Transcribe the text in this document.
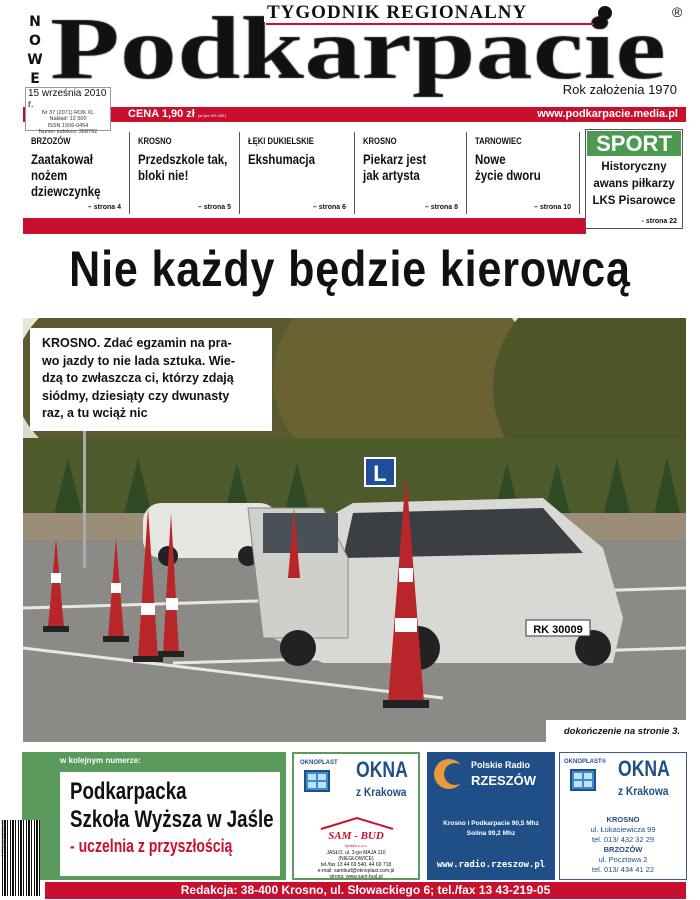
N
O
W
E
TYGODNIK REGIONALNY	®
Rok założenia 1970
15 września 2010 r.
Nr 37 (2071) ROK XL
Nakład: 12 500
ISSN 1506-0454
Numer indeksu: 368792
CENA 1,90 zł (w tym 5% VAT)	www.podkarpacie.media.pl
BRZOZÓW
Zaatakował
nożem
dziewczynkę
– strona 4
KROSNO
Przedszkole tak,
bloki nie!
– strona 5
ŁĘKI DUKIELSKIE
Ekshumacja
– strona 6
KROSNO
Piekarz jest
jak artysta
– strona 8
TARNOWIEC
Nowe
życie dworu
– strona 10
SPORT
Historyczny
awans piłkarzy
LKS Pisarowce
- strona 22
Nie każdy będzie kierowcą
RK 30009
L
KROSNO. Zdać egzamin na pra-
wo jazdy to nie lada sztuka. Wie-
dzą to zwłaszcza ci, którzy zdają
siódmy, dziesiąty czy dwunasty
raz, a tu wciąż nic
dokończenie na stronie 3.
w kolejnym numerze:
Podkarpacka
Szkoła Wyższa w Jaśle
- uczelnia z przyszłością
OKNOPLAST OKNA
z Krakowa
SAM - BUD
Spółka z o.o.
JASŁO, ul. 3-go MAJA 110
(NIEGŁOWICE)
tel./fax 13 44 69 540, 44 69 718
e-mail: sambud@oknoplast.com.pl
strona: www.sam-bud.pl
Polskie Radio
RZESZÓW
Krosno i Podkarpacie 90,5 Mhz
Solina 99,2 Mhz
www.radio.rzeszow.pl
OKNOPLAST® OKNA
z Krakowa
KROSNO
ul. Łukasiewicza 99
tel. 013/ 432 32 29
BRZOZÓW
ul. Pocztowa 2
tel. 013/ 434 41 22
9 771506 045000 37
Redakcja: 38-400 Krosno, ul. Słowackiego 6; tel./fax 13 43-219-05
